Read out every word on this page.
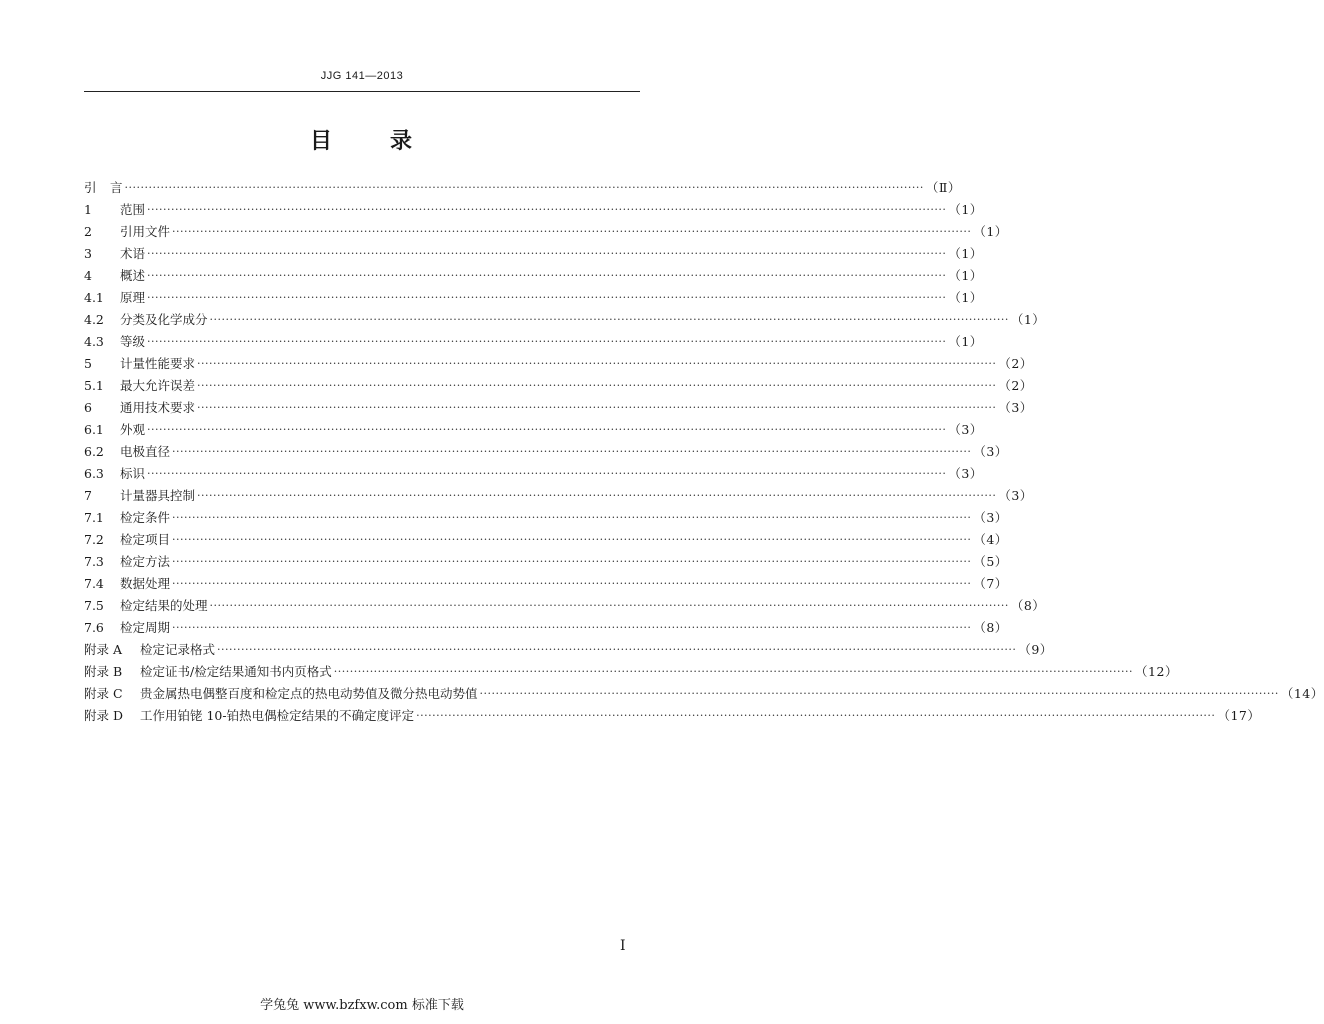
JJG 141—2013
目	录
引	言 ········································································································································································································ （Ⅱ）
1	范围 ········································································································································································································ （1）
2	引用文件 ········································································································································································································ （1）
3	术语 ········································································································································································································ （1）
4	概述 ········································································································································································································ （1）
4.1	原理 ········································································································································································································ （1）
4.2	分类及化学成分 ········································································································································································································ （1）
4.3	等级 ········································································································································································································ （1）
5	计量性能要求 ········································································································································································································ （2）
5.1	最大允许误差 ········································································································································································································ （2）
6	通用技术要求 ········································································································································································································ （3）
6.1	外观 ········································································································································································································ （3）
6.2	电极直径 ········································································································································································································ （3）
6.3	标识 ········································································································································································································ （3）
7	计量器具控制 ········································································································································································································ （3）
7.1	检定条件 ········································································································································································································ （3）
7.2	检定项目 ········································································································································································································ （4）
7.3	检定方法 ········································································································································································································ （5）
7.4	数据处理 ········································································································································································································ （7）
7.5	检定结果的处理 ········································································································································································································ （8）
7.6	检定周期 ········································································································································································································ （8）
附录 A	检定记录格式 ········································································································································································································ （9）
附录 B	检定证书/检定结果通知书内页格式 ········································································································································································································ （12）
附录 C	贵金属热电偶整百度和检定点的热电动势值及微分热电动势值 ········································································································································································································ （14）
附录 D	工作用铂铑 10-铂热电偶检定结果的不确定度评定 ········································································································································································································ （17）
I
学兔兔 www.bzfxw.com 标准下载
